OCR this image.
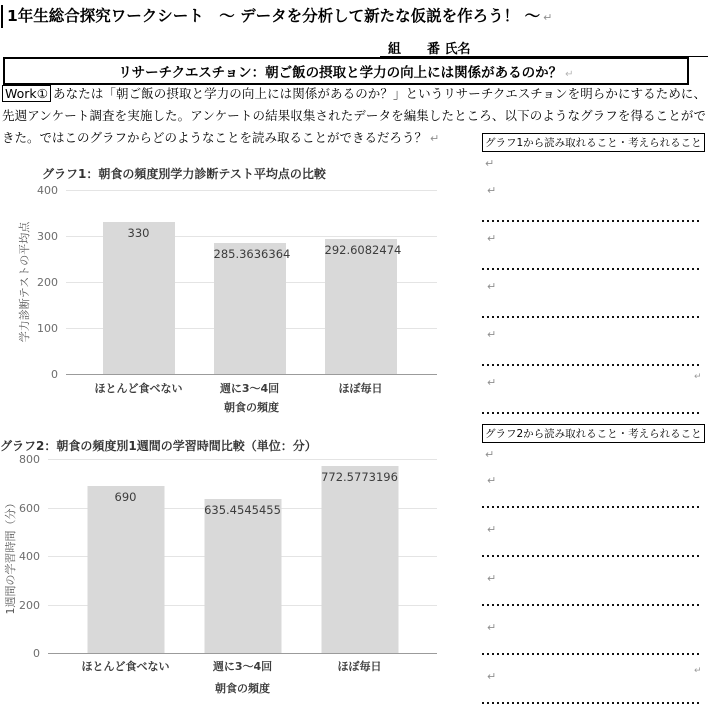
1年生総合探究ワークシート　～ データを分析して新たな仮説を作ろう！ ～ ↵
組　　番 氏名
リサーチクエスチョン：朝ご飯の摂取と学力の向上には関係があるのか？ ↵
Work① あなたは「朝ご飯の摂取と学力の向上には関係があるのか？」というリサーチクエスチョンを明らかにするために、先週アンケート調査を実施した。アンケートの結果収集されたデータを編集したところ、以下のようなグラフを得ることができた。ではこのグラフからどのようなことを読み取ることができるだろう？ ↵
グラフ1：朝食の頻度別学力診断テスト平均点の比較
学力診断テストの平均点	330
285.3636364	292.6082474
ほとんど食べない	週に3～4回	ほぼ毎日
朝食の頻度
0
100
200
300
400
グラフ2：朝食の頻度別1週間の学習時間比較（単位：分）
1週間の学習時間（分）
690
635.4545455
772.5773196
ほとんど食べない	週に3～4回	ほぼ毎日
朝食の頻度
0
200
400
600
800
グラフ1から読み取れること・考えられること↵
↵
↵
↵
↵
↵
グラフ2から読み取れること・考えられること↵
↵
↵
↵
↵
↵
↵
↵
